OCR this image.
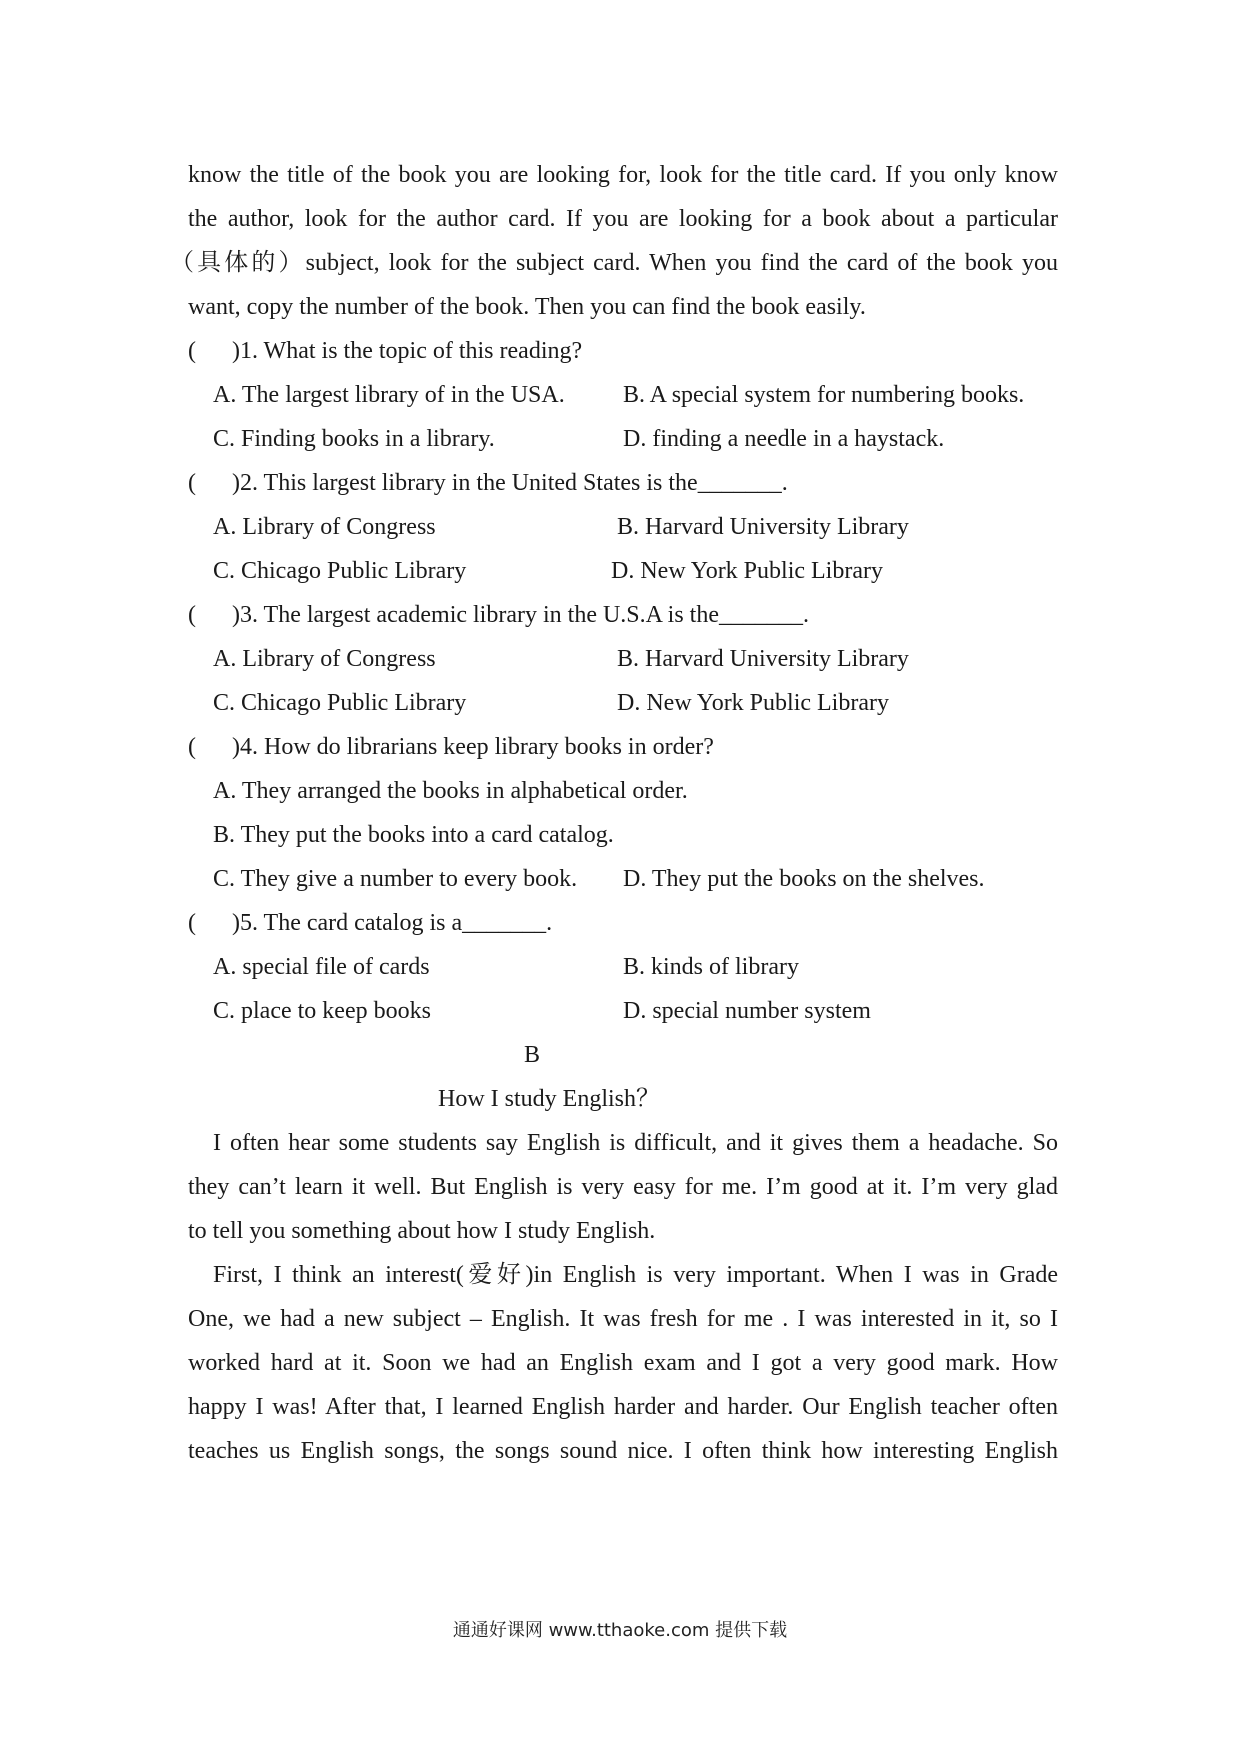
know the title of the book you are looking for, look for the title card. If you only know
the author, look for the author card. If you are looking for a book about a particular
（具体的）subject, look for the subject card. When you find the card of the book you
want, copy the number of the book. Then you can find the book easily.
( )1. What is the topic of this reading?
A. The largest library of in the USA. B. A special system for numbering books.
C. Finding books in a library.	D. finding a needle in a haystack.
( )2. This largest library in the United States is the_______.
A. Library of Congress	B. Harvard University Library
C. Chicago Public Library	D. New York Public Library
( )3. The largest academic library in the U.S.A is the_______.
A. Library of Congress	B. Harvard University Library
C. Chicago Public Library	D. New York Public Library
( )4. How do librarians keep library books in order?
A. They arranged the books in alphabetical order.
B. They put the books into a card catalog.
C. They give a number to every book. D. They put the books on the shelves.
( )5. The card catalog is a_______.
A. special file of cards	B. kinds of library
C. place to keep books	D. special number system
B
How I study English？
I often hear some students say English is difficult, and it gives them a headache. So
they can’t learn it well. But English is very easy for me. I’m good at it. I’m very glad
to tell you something about how I study English.
First, I think an interest(爱好)in English is very important. When I was in Grade
One, we had a new subject – English. It was fresh for me . I was interested in it, so I
worked hard at it. Soon we had an English exam and I got a very good mark. How
happy I was! After that, I learned English harder and harder. Our English teacher often
teaches us English songs, the songs sound nice. I often think how interesting English
通通好课网 www.tthaoke.com 提供下载
